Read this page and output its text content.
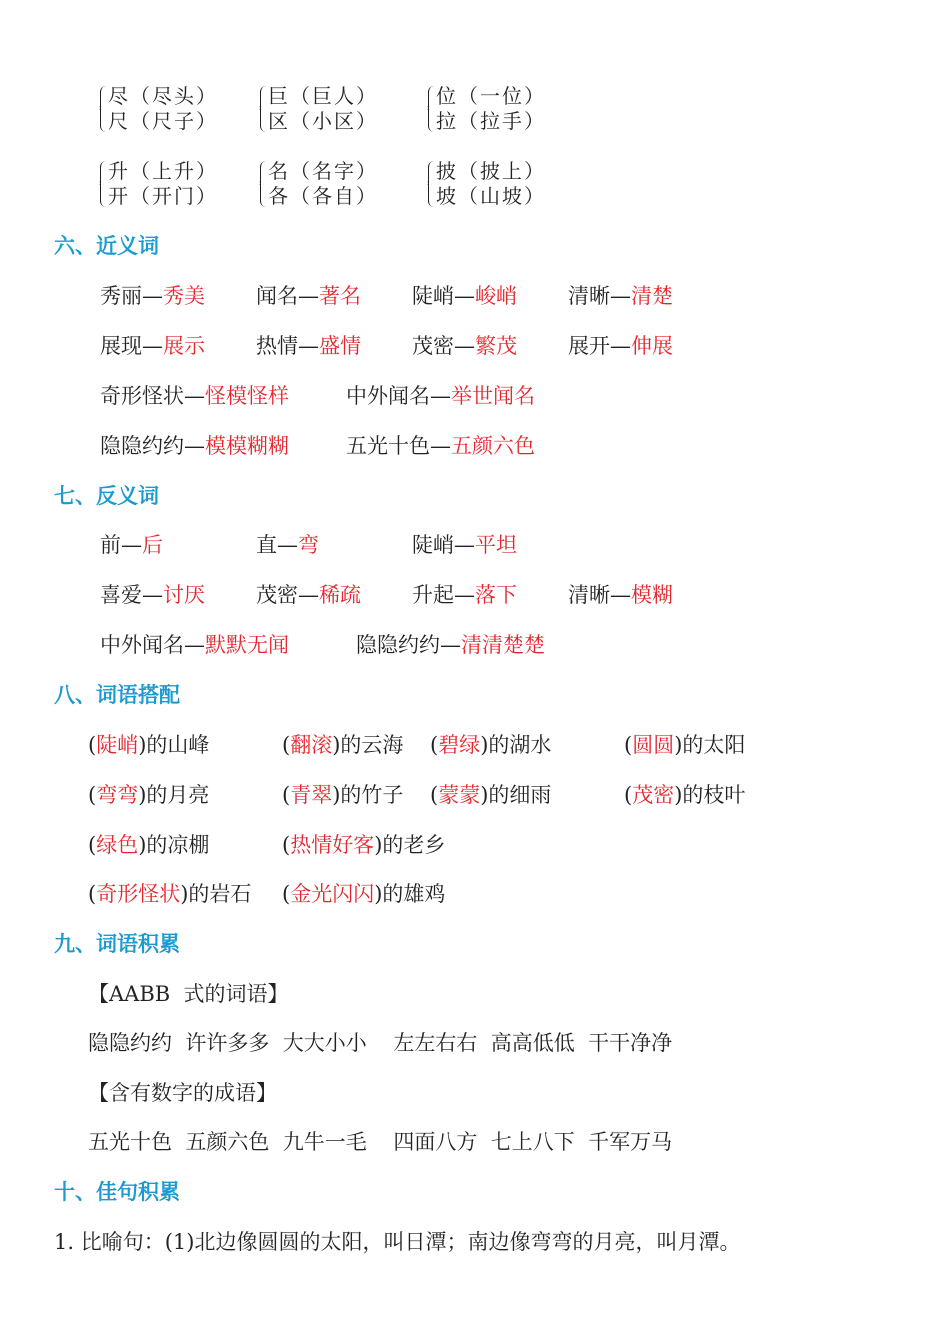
尽（尽头）
尺（尺子）
巨（巨人）
区（小区）
位（一位）
拉（拉手）
升（上升）
开（开门）
名（名字）
各（各自）
披（披上）
坡（山坡）
六、近义词
秀丽—秀美 闻名—著名 陡峭—峻峭 清晰—清楚
展现—展示 热情—盛情 茂密—繁茂 展开—伸展
奇形怪状—怪模怪样	中外闻名—举世闻名
隐隐约约—模模糊糊	五光十色—五颜六色
七、反义词
前—后	直—弯	陡峭—平坦
喜爱—讨厌 茂密—稀疏 升起—落下 清晰—模糊
中外闻名—默默无闻	隐隐约约—清清楚楚
八、词语搭配
(陡峭)的山峰	(翻滚)的云海 (碧绿)的湖水	(圆圆)的太阳
(弯弯)的月亮	(青翠)的竹子 (蒙蒙)的细雨	(茂密)的枝叶
(绿色)的凉棚	(热情好客)的老乡
(奇形怪状)的岩石 (金光闪闪)的雄鸡
九、词语积累
【AABB  式的词语】
隐隐约约  许许多多  大大小小    左左右右  高高低低  干干净净
【含有数字的成语】
五光十色  五颜六色  九牛一毛    四面八方  七上八下  千军万马
十、佳句积累
1. 比喻句：(1)北边像圆圆的太阳，叫日潭；南边像弯弯的月亮，叫月潭。
